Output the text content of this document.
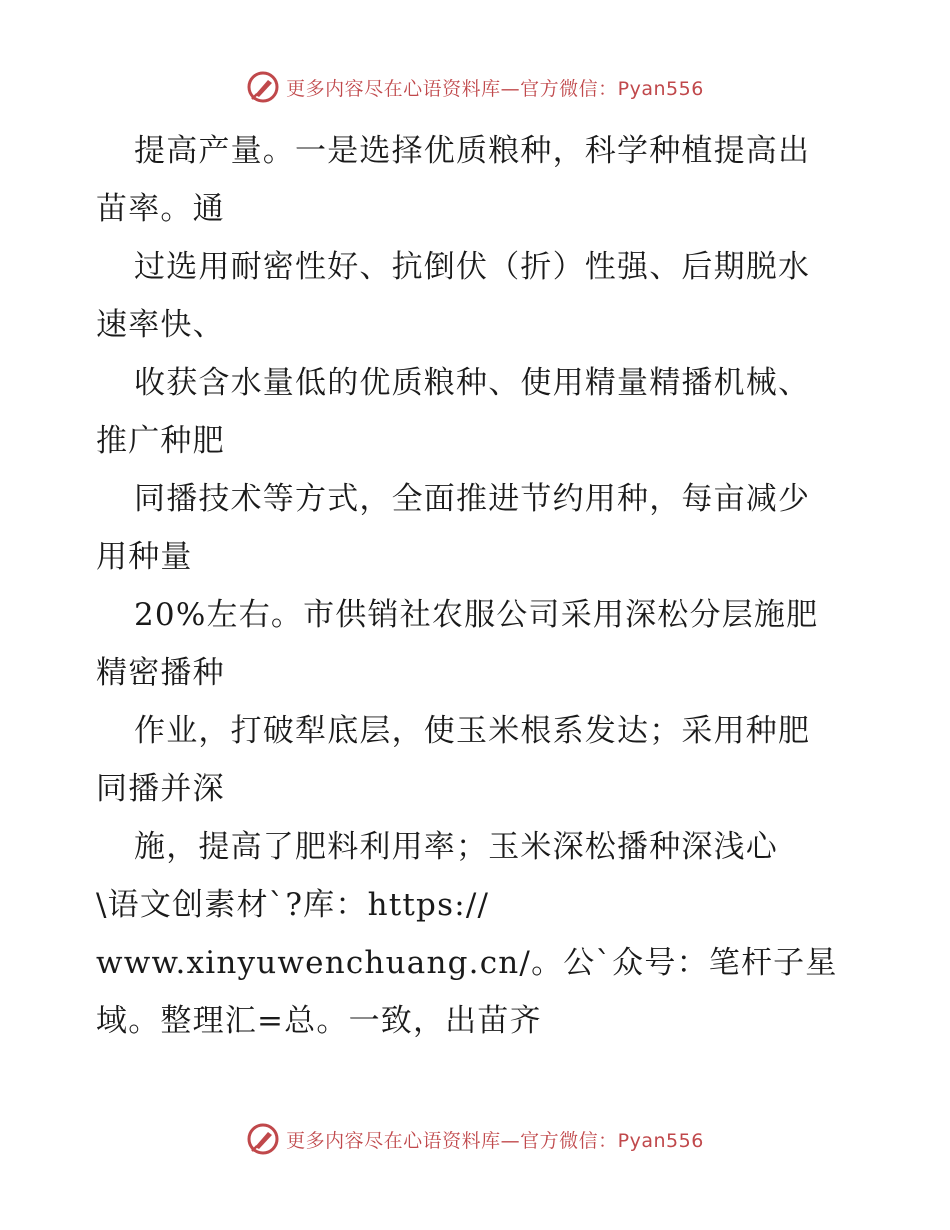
更多内容尽在心语资料库—官方微信：Pyan556
提高产量。一是选择优质粮种，科学种植提高出
苗率。通
过选用耐密性好、抗倒伏（折）性强、后期脱水
速率快、
收获含水量低的优质粮种、使用精量精播机械、
推广种肥
同播技术等方式，全面推进节约用种，每亩减少
用种量
20%左右。市供销社农服公司采用深松分层施肥
精密播种
作业，打破犁底层，使玉米根系发达；采用种肥
同播并深
施，提高了肥料利用率；玉米深松播种深浅心
\语文创素材`?库：https://
www.xinyuwenchuang.cn/。公`众号：笔杆子星
域。整理汇=总。一致，出苗齐
更多内容尽在心语资料库—官方微信：Pyan556
